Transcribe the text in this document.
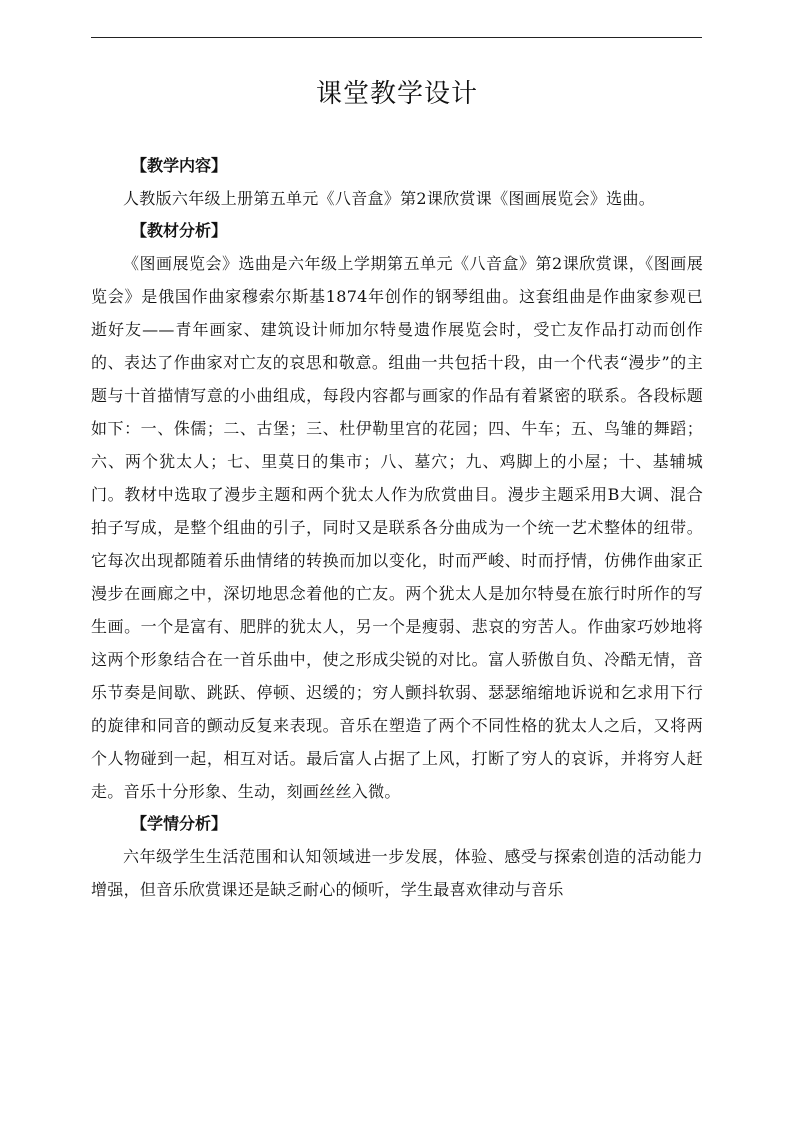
课堂教学设计

【教学内容】

人教版六年级上册第五单元《八音盒》第2课欣赏课《图画展览会》选曲。

【教材分析】

《图画展览会》选曲是六年级上学期第五单元《八音盒》第2课欣赏课，《图画展览会》是俄国作曲家穆索尔斯基1874年创作的钢琴组曲。这套组曲是作曲家参观已逝好友——青年画家、建筑设计师加尔特曼遗作展览会时，受亡友作品打动而创作的、表达了作曲家对亡友的哀思和敬意。组曲一共包括十段，由一个代表“漫步”的主题与十首描情写意的小曲组成，每段内容都与画家的作品有着紧密的联系。各段标题如下：一、侏儒；二、古堡；三、杜伊勒里宫的花园；四、牛车；五、鸟雏的舞蹈；六、两个犹太人；七、里莫日的集市；八、墓穴；九、鸡脚上的小屋；十、基辅城门。教材中选取了漫步主题和两个犹太人作为欣赏曲目。漫步主题采用B大调、混合拍子写成，是整个组曲的引子，同时又是联系各分曲成为一个统一艺术整体的纽带。它每次出现都随着乐曲情绪的转换而加以变化，时而严峻、时而抒情，仿佛作曲家正漫步在画廊之中，深切地思念着他的亡友。两个犹太人是加尔特曼在旅行时所作的写生画。一个是富有、肥胖的犹太人，另一个是瘦弱、悲哀的穷苦人。作曲家巧妙地将这两个形象结合在一首乐曲中，使之形成尖锐的对比。富人骄傲自负、冷酷无情，音乐节奏是间歇、跳跃、停顿、迟缓的；穷人颤抖软弱、瑟瑟缩缩地诉说和乞求用下行的旋律和同音的颤动反复来表现。音乐在塑造了两个不同性格的犹太人之后，又将两个人物碰到一起，相互对话。最后富人占据了上风，打断了穷人的哀诉，并将穷人赶走。音乐十分形象、生动，刻画丝丝入微。

【学情分析】

六年级学生生活范围和认知领域进一步发展，体验、感受与探索创造的活动能力增强，但音乐欣赏课还是缺乏耐心的倾听，学生最喜欢律动与音乐
